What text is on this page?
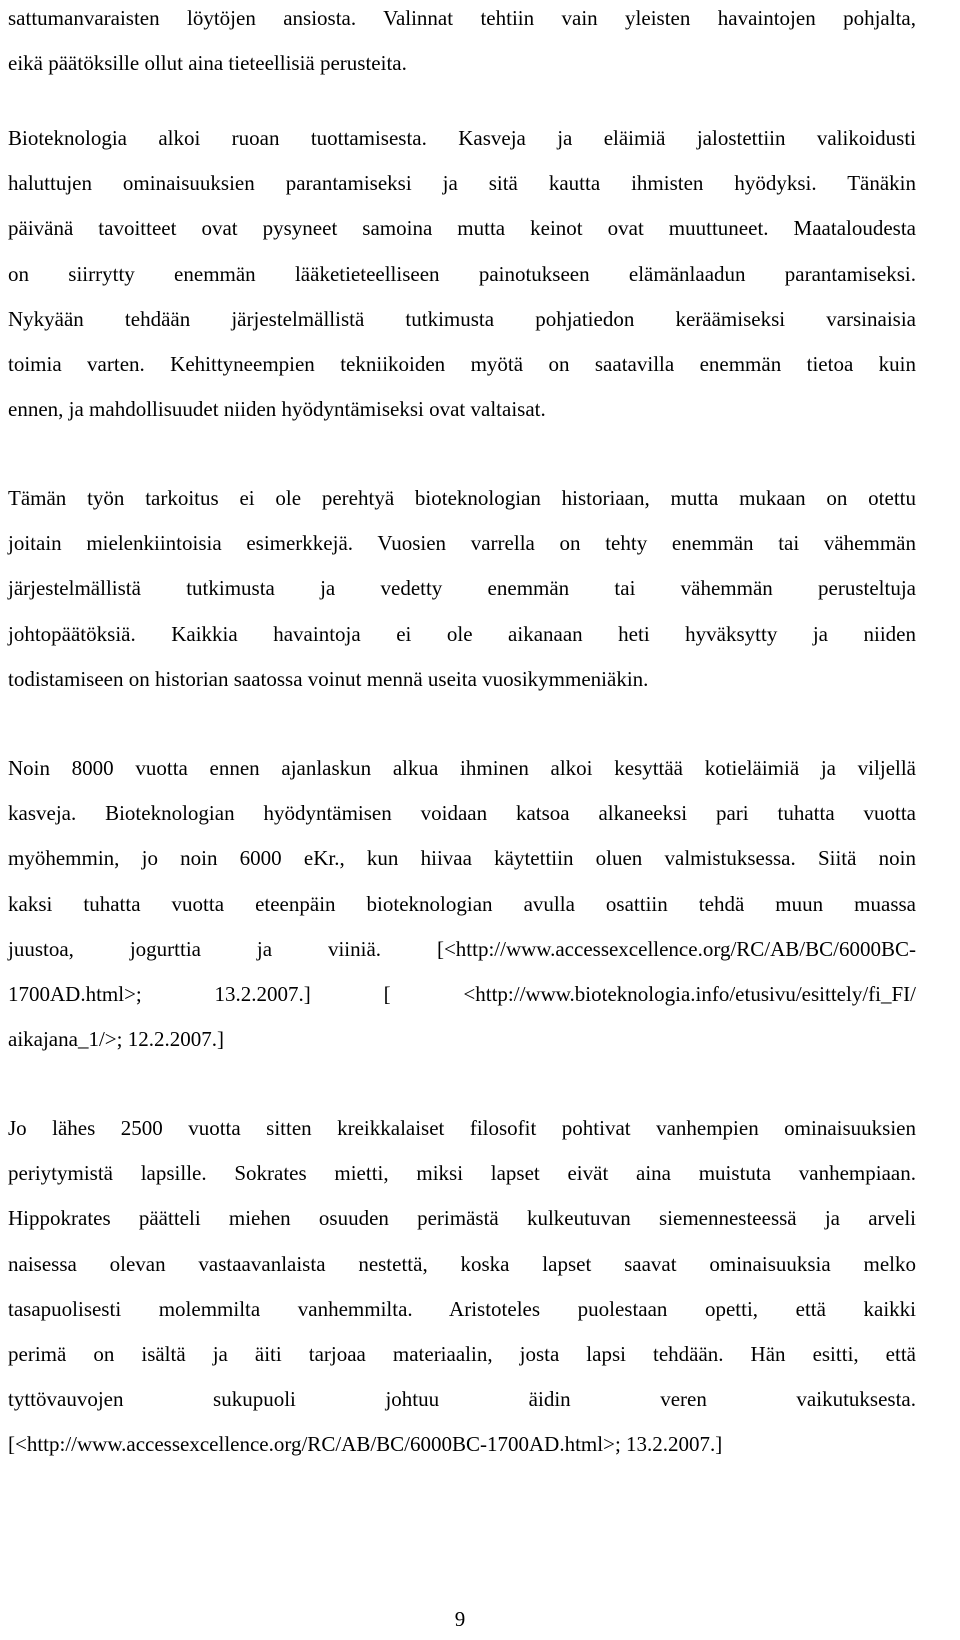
sattumanvaraisten löytöjen ansiosta. Valinnat tehtiin vain yleisten havaintojen pohjalta,
eikä päätöksille ollut aina tieteellisiä perusteita.

Bioteknologia alkoi ruoan tuottamisesta. Kasveja ja eläimiä jalostettiin valikoidusti
haluttujen ominaisuuksien parantamiseksi ja sitä kautta ihmisten hyödyksi. Tänäkin
päivänä tavoitteet ovat pysyneet samoina mutta keinot ovat muuttuneet. Maataloudesta
on siirrytty enemmän lääketieteelliseen painotukseen elämänlaadun parantamiseksi.
Nykyään tehdään järjestelmällistä tutkimusta pohjatiedon keräämiseksi varsinaisia
toimia varten. Kehittyneempien tekniikoiden myötä on saatavilla enemmän tietoa kuin
ennen, ja mahdollisuudet niiden hyödyntämiseksi ovat valtaisat.

Tämän työn tarkoitus ei ole perehtyä bioteknologian historiaan, mutta mukaan on otettu
joitain mielenkiintoisia esimerkkejä. Vuosien varrella on tehty enemmän tai vähemmän
järjestelmällistä tutkimusta ja vedetty enemmän tai vähemmän perusteltuja
johtopäätöksiä. Kaikkia havaintoja ei ole aikanaan heti hyväksytty ja niiden
todistamiseen on historian saatossa voinut mennä useita vuosikymmeniäkin.

Noin 8000 vuotta ennen ajanlaskun alkua ihminen alkoi kesyttää kotieläimiä ja viljellä
kasveja. Bioteknologian hyödyntämisen voidaan katsoa alkaneeksi pari tuhatta vuotta
myöhemmin, jo noin 6000 eKr., kun hiivaa käytettiin oluen valmistuksessa. Siitä noin
kaksi tuhatta vuotta eteenpäin bioteknologian avulla osattiin tehdä muun muassa
juustoa, jogurttia ja viiniä. [<http://www.accessexcellence.org/RC/AB/BC/6000BC-
1700AD.html>; 13.2.2007.] [ <http://www.bioteknologia.info/etusivu/esittely/fi_FI/
aikajana_1/>; 12.2.2007.]

Jo lähes 2500 vuotta sitten kreikkalaiset filosofit pohtivat vanhempien ominaisuuksien
periytymistä lapsille. Sokrates mietti, miksi lapset eivät aina muistuta vanhempiaan.
Hippokrates päätteli miehen osuuden perimästä kulkeutuvan siemennesteessä ja arveli
naisessa olevan vastaavanlaista nestettä, koska lapset saavat ominaisuuksia melko
tasapuolisesti molemmilta vanhemmilta. Aristoteles puolestaan opetti, että kaikki
perimä on isältä ja äiti tarjoaa materiaalin, josta lapsi tehdään. Hän esitti, että
tyttövauvojen sukupuoli johtuu äidin veren vaikutuksesta.
[<http://www.accessexcellence.org/RC/AB/BC/6000BC-1700AD.html>; 13.2.2007.]

9
